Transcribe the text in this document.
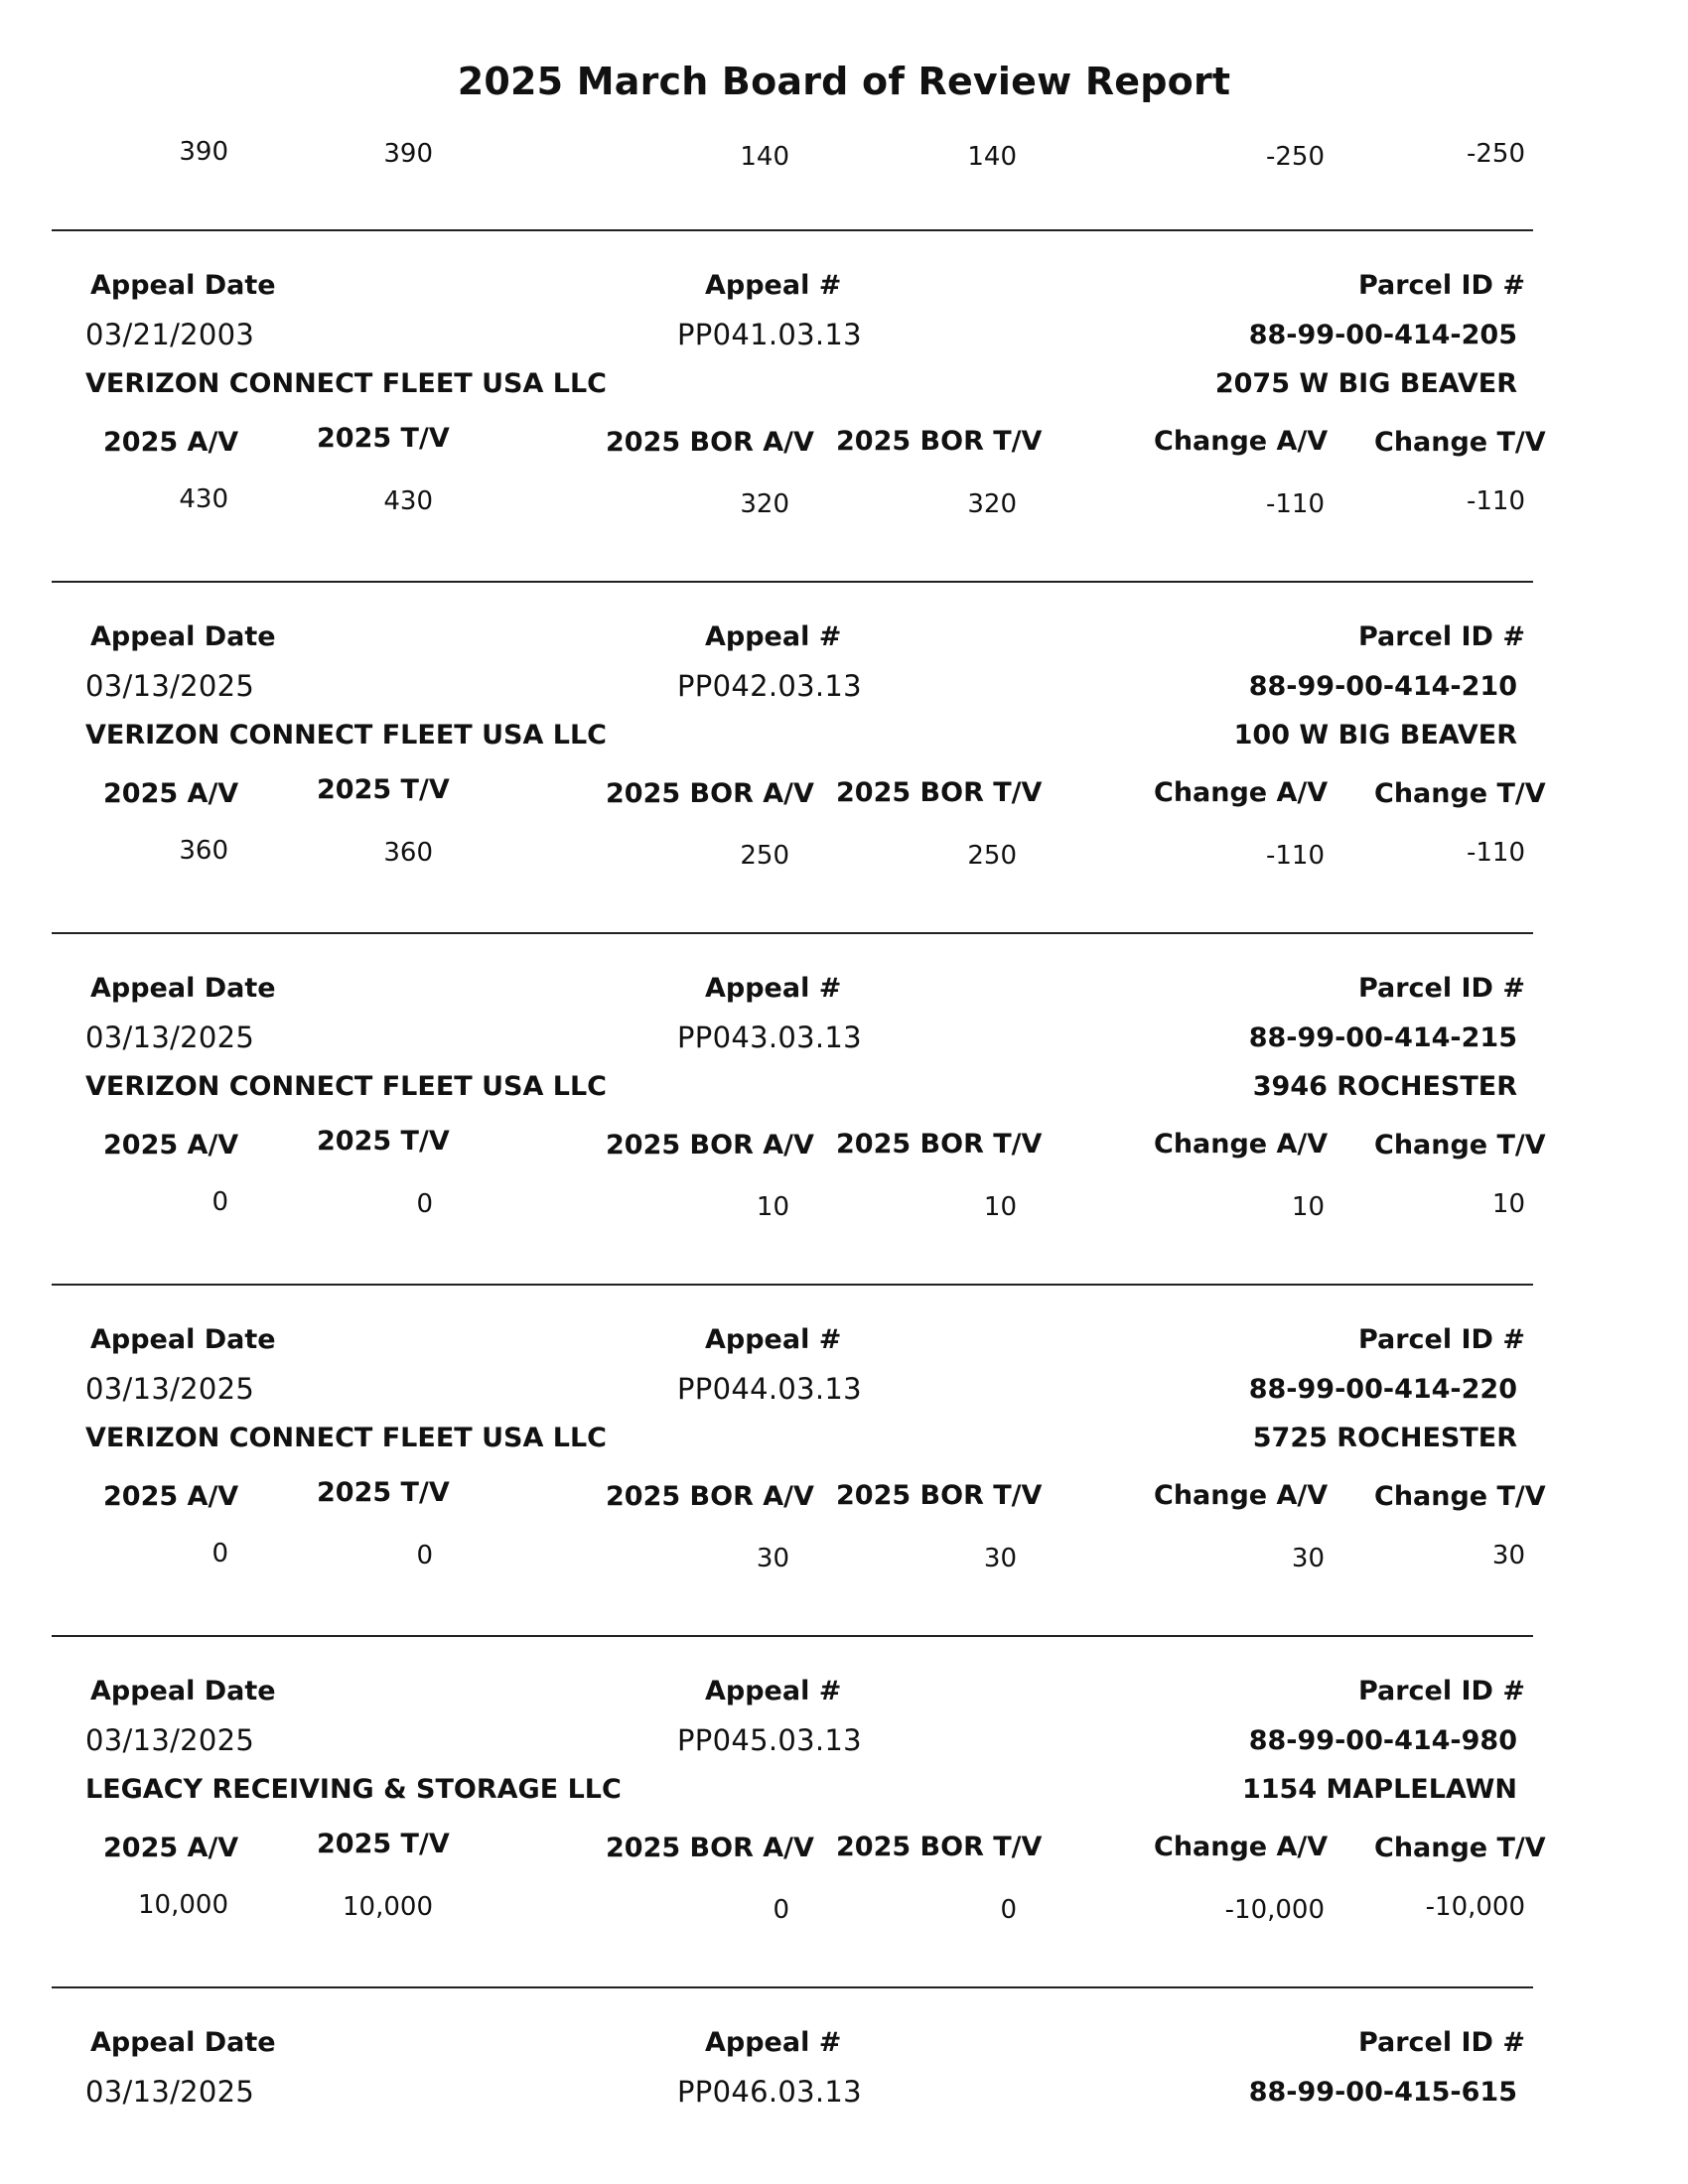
2025 March Board of Review Report
390	390	140	140	-250	-250
Appeal Date	Appeal #	Parcel ID #
03/21/2003	PP041.03.13	88-99-00-414-205
VERIZON CONNECT FLEET USA LLC	2075 W BIG BEAVER
2025 A/V	2025 T/V	2025 BOR A/V 2025 BOR T/V	Change A/V Change T/V
430	430	320	320	-110	-110
Appeal Date	Appeal #	Parcel ID #
03/13/2025	PP042.03.13	88-99-00-414-210
VERIZON CONNECT FLEET USA LLC	100 W BIG BEAVER
2025 A/V	2025 T/V	2025 BOR A/V 2025 BOR T/V	Change A/V Change T/V
360	360	250	250	-110	-110
Appeal Date	Appeal #	Parcel ID #
03/13/2025	PP043.03.13	88-99-00-414-215
VERIZON CONNECT FLEET USA LLC	3946 ROCHESTER
2025 A/V	2025 T/V	2025 BOR A/V 2025 BOR T/V	Change A/V Change T/V
0	0	10	10	10	10
Appeal Date	Appeal #	Parcel ID #
03/13/2025	PP044.03.13	88-99-00-414-220
VERIZON CONNECT FLEET USA LLC	5725 ROCHESTER
2025 A/V	2025 T/V	2025 BOR A/V 2025 BOR T/V	Change A/V Change T/V
0	0	30	30	30	30
Appeal Date	Appeal #	Parcel ID #
03/13/2025	PP045.03.13	88-99-00-414-980
LEGACY RECEIVING & STORAGE LLC	1154 MAPLELAWN
2025 A/V	2025 T/V	2025 BOR A/V 2025 BOR T/V	Change A/V Change T/V
10,000	10,000	0	0	-10,000	-10,000
Appeal Date	Appeal #	Parcel ID #
03/13/2025	PP046.03.13	88-99-00-415-615
